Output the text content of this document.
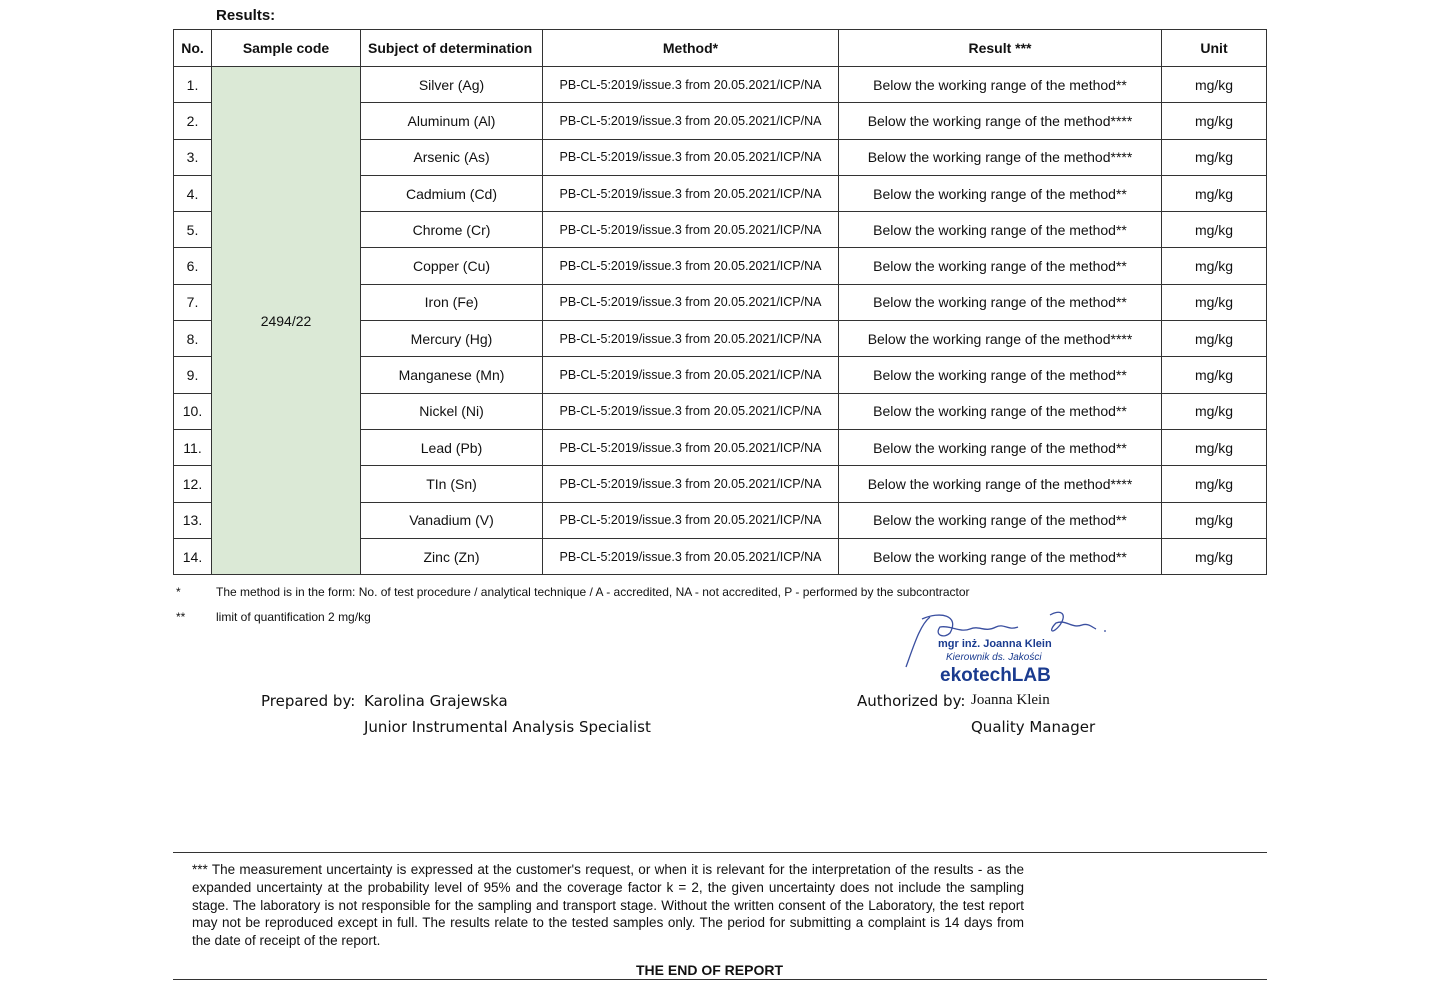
Results:
No.	Sample code	Subject of determination	Method*	Result ***	Unit
1.	2494/22	Silver (Ag)	PB-CL-5:2019/issue.3 from 20.05.2021/ICP/NA	Below the working range of the method**	mg/kg
2.		Aluminum (Al)	PB-CL-5:2019/issue.3 from 20.05.2021/ICP/NA	Below the working range of the method****	mg/kg
3.		Arsenic (As)	PB-CL-5:2019/issue.3 from 20.05.2021/ICP/NA	Below the working range of the method****	mg/kg
4.		Cadmium (Cd)	PB-CL-5:2019/issue.3 from 20.05.2021/ICP/NA	Below the working range of the method**	mg/kg
5.		Chrome (Cr)	PB-CL-5:2019/issue.3 from 20.05.2021/ICP/NA	Below the working range of the method**	mg/kg
6.		Copper (Cu)	PB-CL-5:2019/issue.3 from 20.05.2021/ICP/NA	Below the working range of the method**	mg/kg
7.		Iron (Fe)	PB-CL-5:2019/issue.3 from 20.05.2021/ICP/NA	Below the working range of the method**	mg/kg
8.		Mercury (Hg)	PB-CL-5:2019/issue.3 from 20.05.2021/ICP/NA	Below the working range of the method****	mg/kg
9.		Manganese (Mn)	PB-CL-5:2019/issue.3 from 20.05.2021/ICP/NA	Below the working range of the method**	mg/kg
10.		Nickel (Ni)	PB-CL-5:2019/issue.3 from 20.05.2021/ICP/NA	Below the working range of the method**	mg/kg
11.		Lead (Pb)	PB-CL-5:2019/issue.3 from 20.05.2021/ICP/NA	Below the working range of the method**	mg/kg
12.		TIn (Sn)	PB-CL-5:2019/issue.3 from 20.05.2021/ICP/NA	Below the working range of the method****	mg/kg
13.		Vanadium (V)	PB-CL-5:2019/issue.3 from 20.05.2021/ICP/NA	Below the working range of the method**	mg/kg
14.		Zinc (Zn)	PB-CL-5:2019/issue.3 from 20.05.2021/ICP/NA	Below the working range of the method**	mg/kg
*	The method is in the form: No. of test procedure / analytical technique / A - accredited, NA - not accredited, P - performed by the subcontractor
**	limit of quantification 2 mg/kg
mgr inż. Joanna Klein
Kierownik ds. Jakości
ekotechLAB
Prepared by: Karolina Grajewska
Junior Instrumental Analysis Specialist
Authorized by: Joanna Klein
Quality Manager
*** The measurement uncertainty is expressed at the customer's request, or when it is relevant for the interpretation of the results - as the expanded uncertainty at the probability level of 95% and the coverage factor k = 2, the given uncertainty does not include the sampling stage. The laboratory is not responsible for the sampling and transport stage. Without the written consent of the Laboratory, the test report may not be reproduced except in full. The results relate to the tested samples only. The period for submitting a complaint is 14 days from the date of receipt of the report.
THE END OF REPORT
